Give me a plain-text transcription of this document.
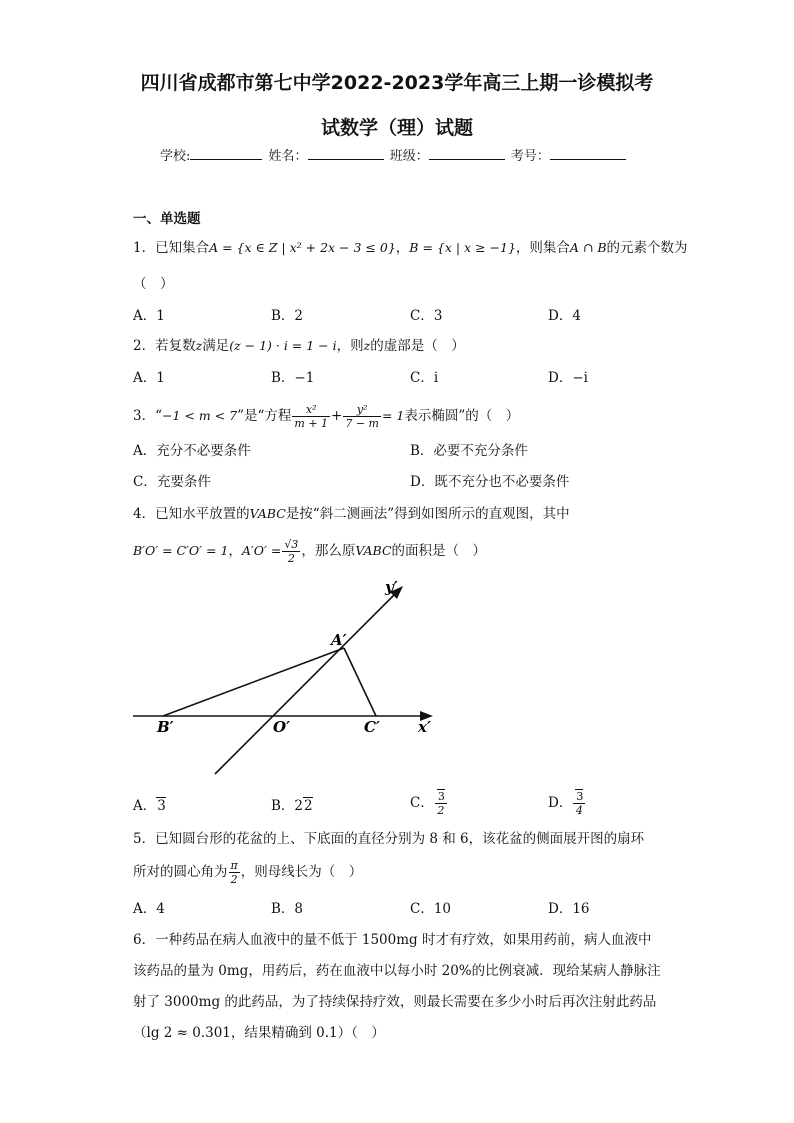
四川省成都市第七中学2022-2023学年高三上期一诊模拟考
试数学（理）试题
学校:	姓名：	班级：	考号：
一、单选题
1．已知集合A = {x ∈ Z | x² + 2x − 3 ≤ 0}，B = {x | x ≥ −1}，则集合A ∩ B的元素个数为
（　）
A．1	B．2	C．3	D．4
2．若复数z满足(z − 1) · i = 1 − i，则z的虚部是（　）
A．1	B．−1	C．i	D．−i
3．“−1 < m < 7”是“方程 $\frac{\text{x²}}{m + 1} + \frac{\text{y²}}{7 - m} = 1$表示椭圆”的（　）
A．充分不必要条件	B．必要不充分条件
C．充要条件	D．既不充分也不必要条件
4．已知水平放置的VABC是按“斜二测画法”得到如图所示的直观图，其中
B′O′ = C′O′ = 1，$A'O' = \frac{√3}{2}$ ，那么原VABC的面积是（　）
y′
x′
A′
B′	O′	C′
A．3	B．22	C． $\frac{3}{2}$	D． $\frac{3}{4}$
5．已知圆台形的花盆的上、下底面的直径分别为 8 和 6，该花盆的侧面展开图的扇环
所对的圆心角为 $\frac{\pi}{2}$ ，则母线长为（　）
A．4	B．8	C．10	D．16
6．一种药品在病人血液中的量不低于 1500mg 时才有疗效，如果用药前，病人血液中
该药品的量为 0mg，用药后，药在血液中以每小时 20%的比例衰减．现给某病人静脉注
射了 3000mg 的此药品，为了持续保持疗效，则最长需要在多少小时后再次注射此药品
（lg 2 ≈ 0.301，结果精确到 0.1）（　）
